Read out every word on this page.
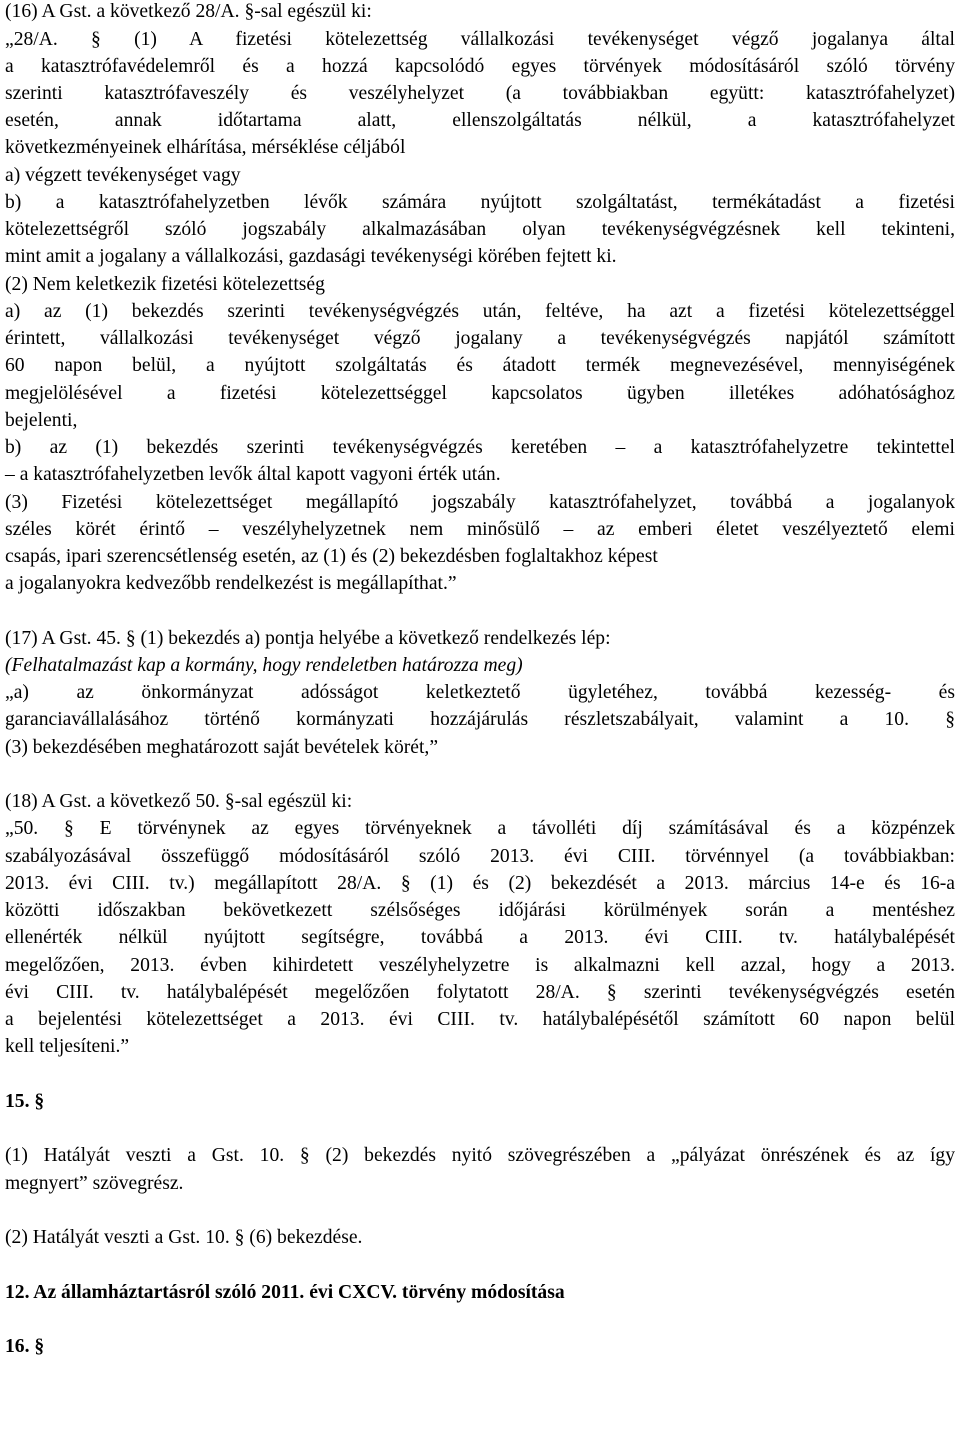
(16) A Gst. a következő 28/A. §-sal egészül ki:

„28/A. § (1) A fizetési kötelezettség vállalkozási tevékenységet végző jogalanya által

a katasztrófavédelemről és a hozzá kapcsolódó egyes törvények módosításáról szóló törvény

szerinti katasztrófaveszély és veszélyhelyzet (a továbbiakban együtt: katasztrófahelyzet)

esetén, annak időtartama alatt, ellenszolgáltatás nélkül, a katasztrófahelyzet

következményeinek elhárítása, mérséklése céljából

a) végzett tevékenységet vagy

b) a katasztrófahelyzetben lévők számára nyújtott szolgáltatást, termékátadást a fizetési

kötelezettségről szóló jogszabály alkalmazásában olyan tevékenységvégzésnek kell tekinteni,

mint amit a jogalany a vállalkozási, gazdasági tevékenységi körében fejtett ki.

(2) Nem keletkezik fizetési kötelezettség

a) az (1) bekezdés szerinti tevékenységvégzés után, feltéve, ha azt a fizetési kötelezettséggel

érintett, vállalkozási tevékenységet végző jogalany a tevékenységvégzés napjától számított

60 napon belül, a nyújtott szolgáltatás és átadott termék megnevezésével, mennyiségének

megjelölésével a fizetési kötelezettséggel kapcsolatos ügyben illetékes adóhatósághoz

bejelenti,

b) az (1) bekezdés szerinti tevékenységvégzés keretében – a katasztrófahelyzetre tekintettel

– a katasztrófahelyzetben levők által kapott vagyoni érték után.

(3) Fizetési kötelezettséget megállapító jogszabály katasztrófahelyzet, továbbá a jogalanyok

széles körét érintő – veszélyhelyzetnek nem minősülő – az emberi életet veszélyeztető elemi

csapás, ipari szerencsétlenség esetén, az (1) és (2) bekezdésben foglaltakhoz képest

a jogalanyokra kedvezőbb rendelkezést is megállapíthat.”

(17) A Gst. 45. § (1) bekezdés a) pontja helyébe a következő rendelkezés lép:

(Felhatalmazást kap a kormány, hogy rendeletben határozza meg)

„a) az önkormányzat adósságot keletkeztető ügyletéhez, továbbá kezesség- és

garanciavállalásához történő kormányzati hozzájárulás részletszabályait, valamint a 10. §

(3) bekezdésében meghatározott saját bevételek körét,”

(18) A Gst. a következő 50. §-sal egészül ki:

„50. § E törvénynek az egyes törvényeknek a távolléti díj számításával és a közpénzek

szabályozásával összefüggő módosításáról szóló 2013. évi CIII. törvénnyel (a továbbiakban:

2013. évi CIII. tv.) megállapított 28/A. § (1) és (2) bekezdését a 2013. március 14-e és 16-a

közötti időszakban bekövetkezett szélsőséges időjárási körülmények során a mentéshez

ellenérték nélkül nyújtott segítségre, továbbá a 2013. évi CIII. tv. hatálybalépését

megelőzően, 2013. évben kihirdetett veszélyhelyzetre is alkalmazni kell azzal, hogy a 2013.

évi CIII. tv. hatálybalépését megelőzően folytatott 28/A. § szerinti tevékenységvégzés esetén

a bejelentési kötelezettséget a 2013. évi CIII. tv. hatálybalépésétől számított 60 napon belül

kell teljesíteni.”

15. §

(1) Hatályát veszti a Gst. 10. § (2) bekezdés nyitó szövegrészében a „pályázat önrészének és az így

megnyert” szövegrész.

(2) Hatályát veszti a Gst. 10. § (6) bekezdése.

12. Az államháztartásról szóló 2011. évi CXCV. törvény módosítása

16. §
